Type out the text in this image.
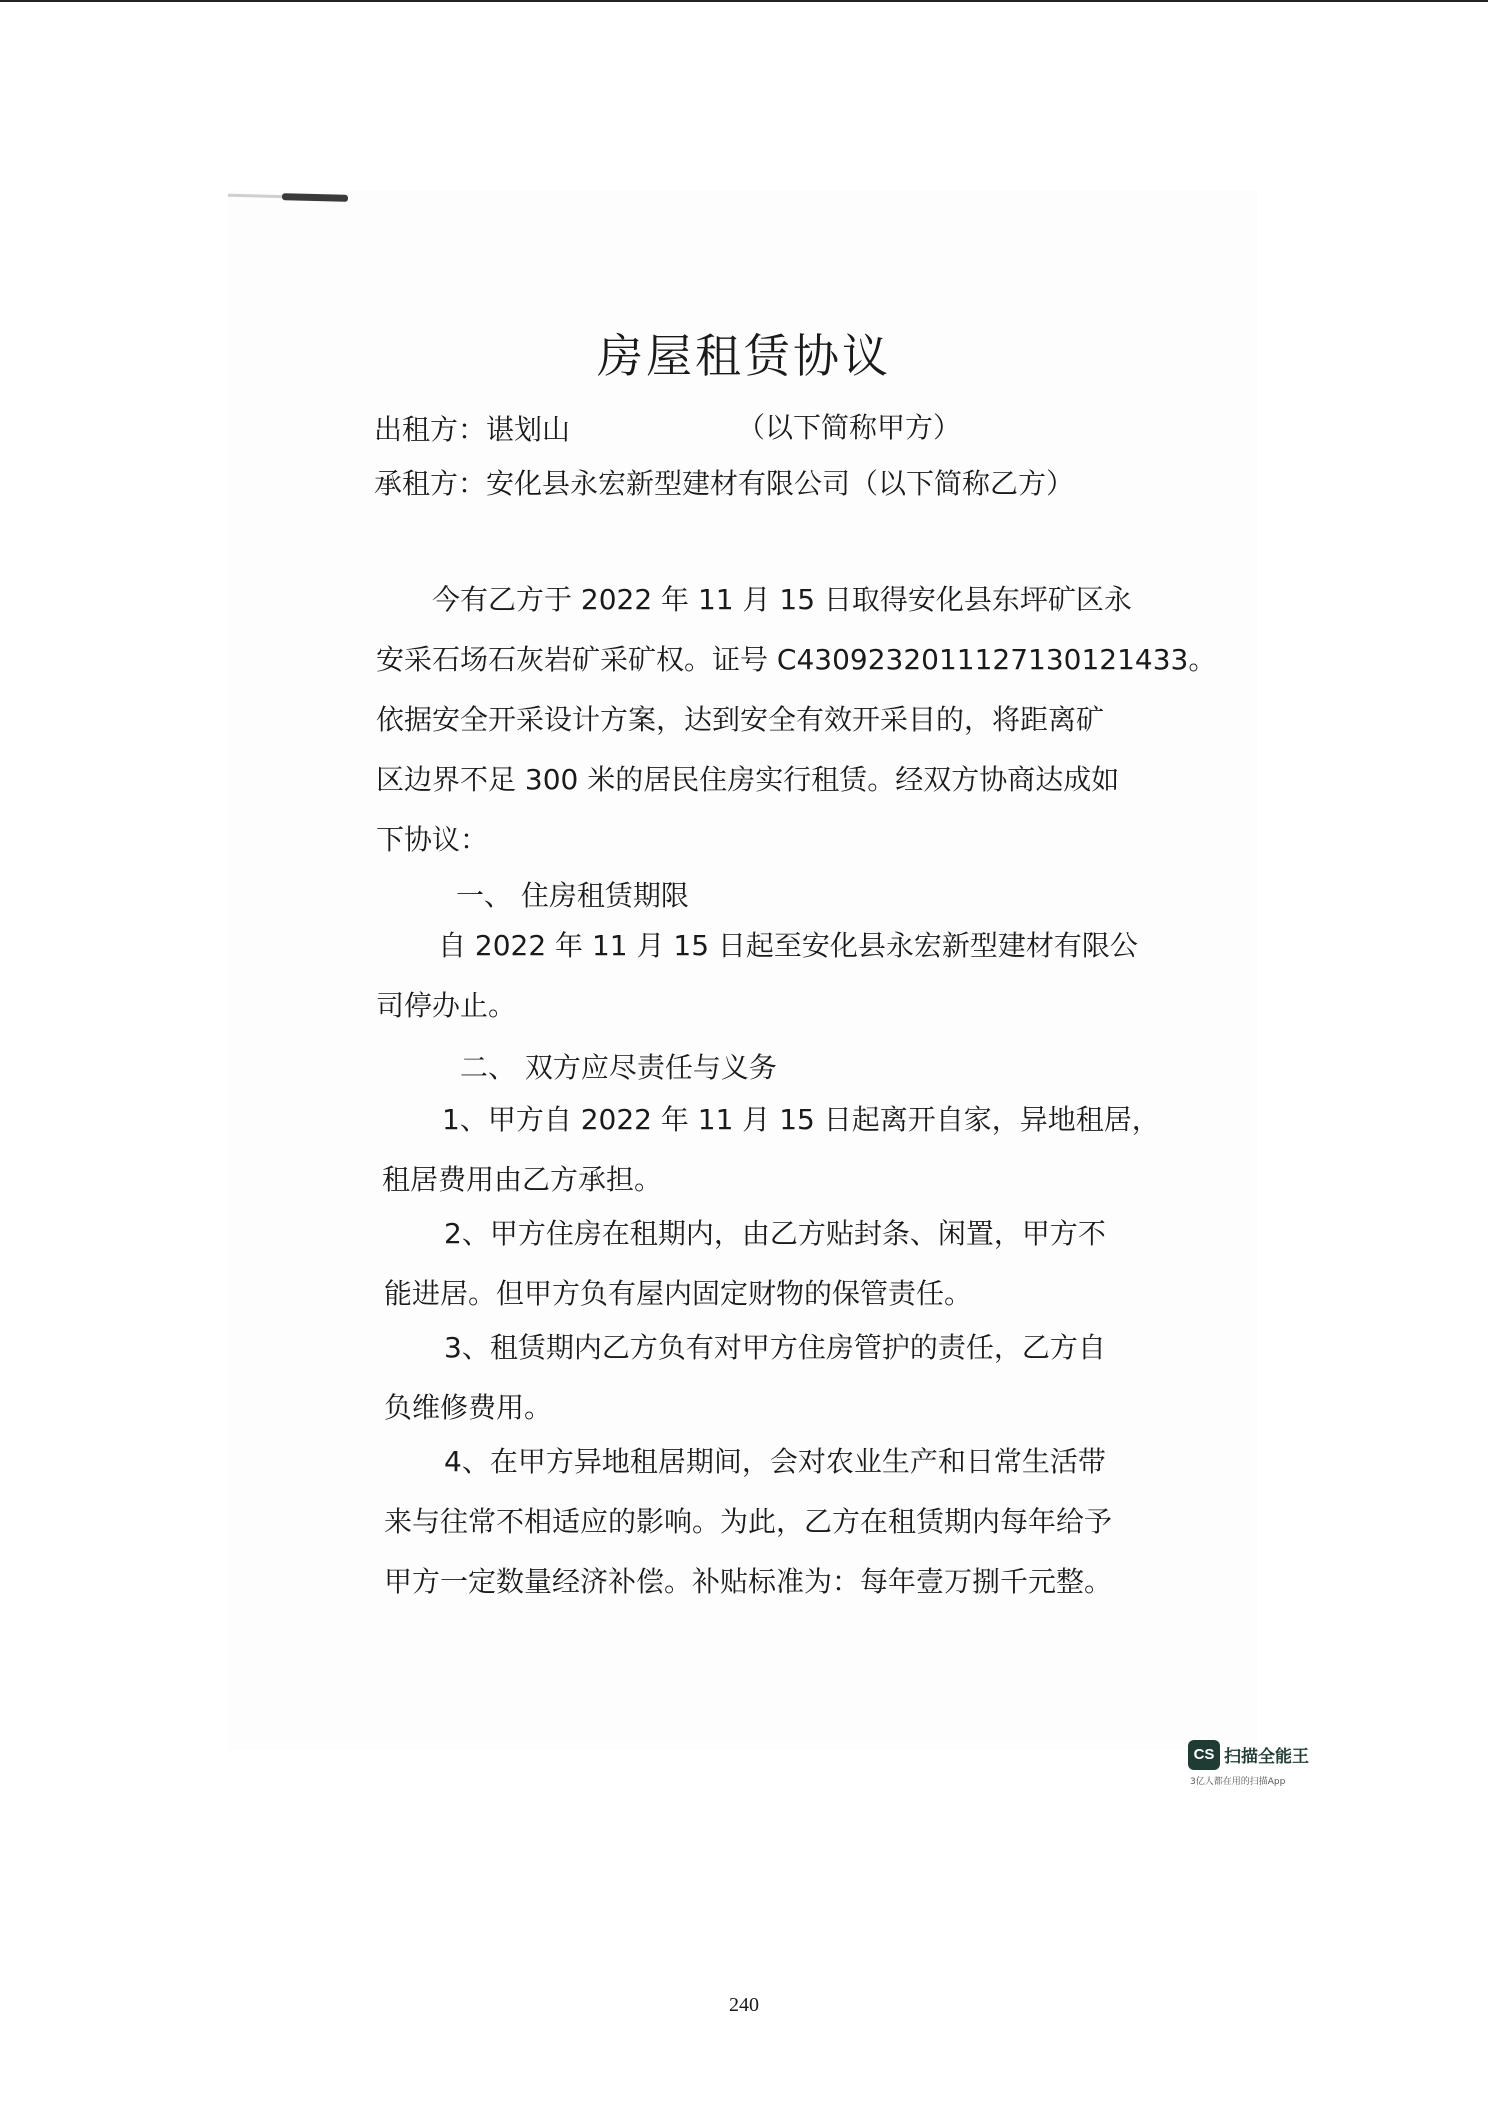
房屋租赁协议
出租方：谌划山	（以下简称甲方）
承租方：安化县永宏新型建材有限公司（以下简称乙方）
今有乙方于 2022 年 11 月 15 日取得安化县东坪矿区永
安采石场石灰岩矿采矿权。证号 C4309232011127130121433。
依据安全开采设计方案，达到安全有效开采目的，将距离矿
区边界不足 300 米的居民住房实行租赁。经双方协商达成如
下协议：
一、 住房租赁期限
自 2022 年 11 月 15 日起至安化县永宏新型建材有限公
司停办止。
二、 双方应尽责任与义务
1、甲方自 2022 年 11 月 15 日起离开自家，异地租居，
租居费用由乙方承担。
2、甲方住房在租期内，由乙方贴封条、闲置，甲方不
能进居。但甲方负有屋内固定财物的保管责任。
3、租赁期内乙方负有对甲方住房管护的责任，乙方自
负维修费用。
4、在甲方异地租居期间，会对农业生产和日常生活带
来与往常不相适应的影响。为此，乙方在租赁期内每年给予
甲方一定数量经济补偿。补贴标准为：每年壹万捌千元整。
CS 扫描全能王
3亿人都在用的扫描App
240
